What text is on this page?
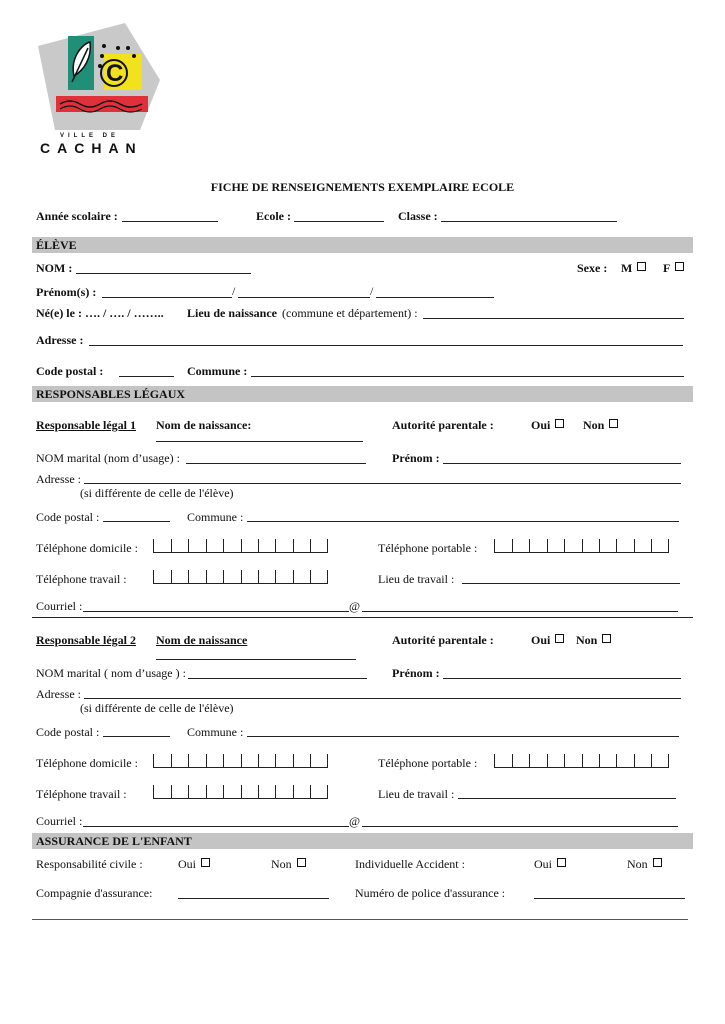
C
VILLE DE
CACHAN
FICHE DE RENSEIGNEMENTS EXEMPLAIRE ECOLE
Année scolaire :	Ecole :	Classe :
ÉLÈVE
NOM :	Sexe : M	F
Prénom(s) :	/	/
Né(e) le : …. / …. / …….. Lieu de naissance (commune et département) :
Adresse :
Code postal :	Commune :
RESPONSABLES LÉGAUX
Responsable légal 1 Nom de naissance:	Autorité parentale :	Oui	Non
NOM marital (nom d’usage) :	Prénom :
Adresse :
(si différente de celle de l'élève)
Code postal :	Commune :
Téléphone domicile :	Téléphone portable :
Téléphone travail :	Lieu de travail :
Courriel :	@
Responsable légal 2 Nom de naissance	Autorité parentale :	Oui	Non
NOM marital ( nom d’usage ) :	Prénom :
Adresse :
(si différente de celle de l'élève)
Code postal :	Commune :
Téléphone domicile :	Téléphone portable :
Téléphone travail :	Lieu de travail :
Courriel :	@
ASSURANCE DE L'ENFANT
Responsabilité civile :	Oui	Non	Individuelle Accident :	Oui	Non
Compagnie d'assurance:	Numéro de police d'assurance :
